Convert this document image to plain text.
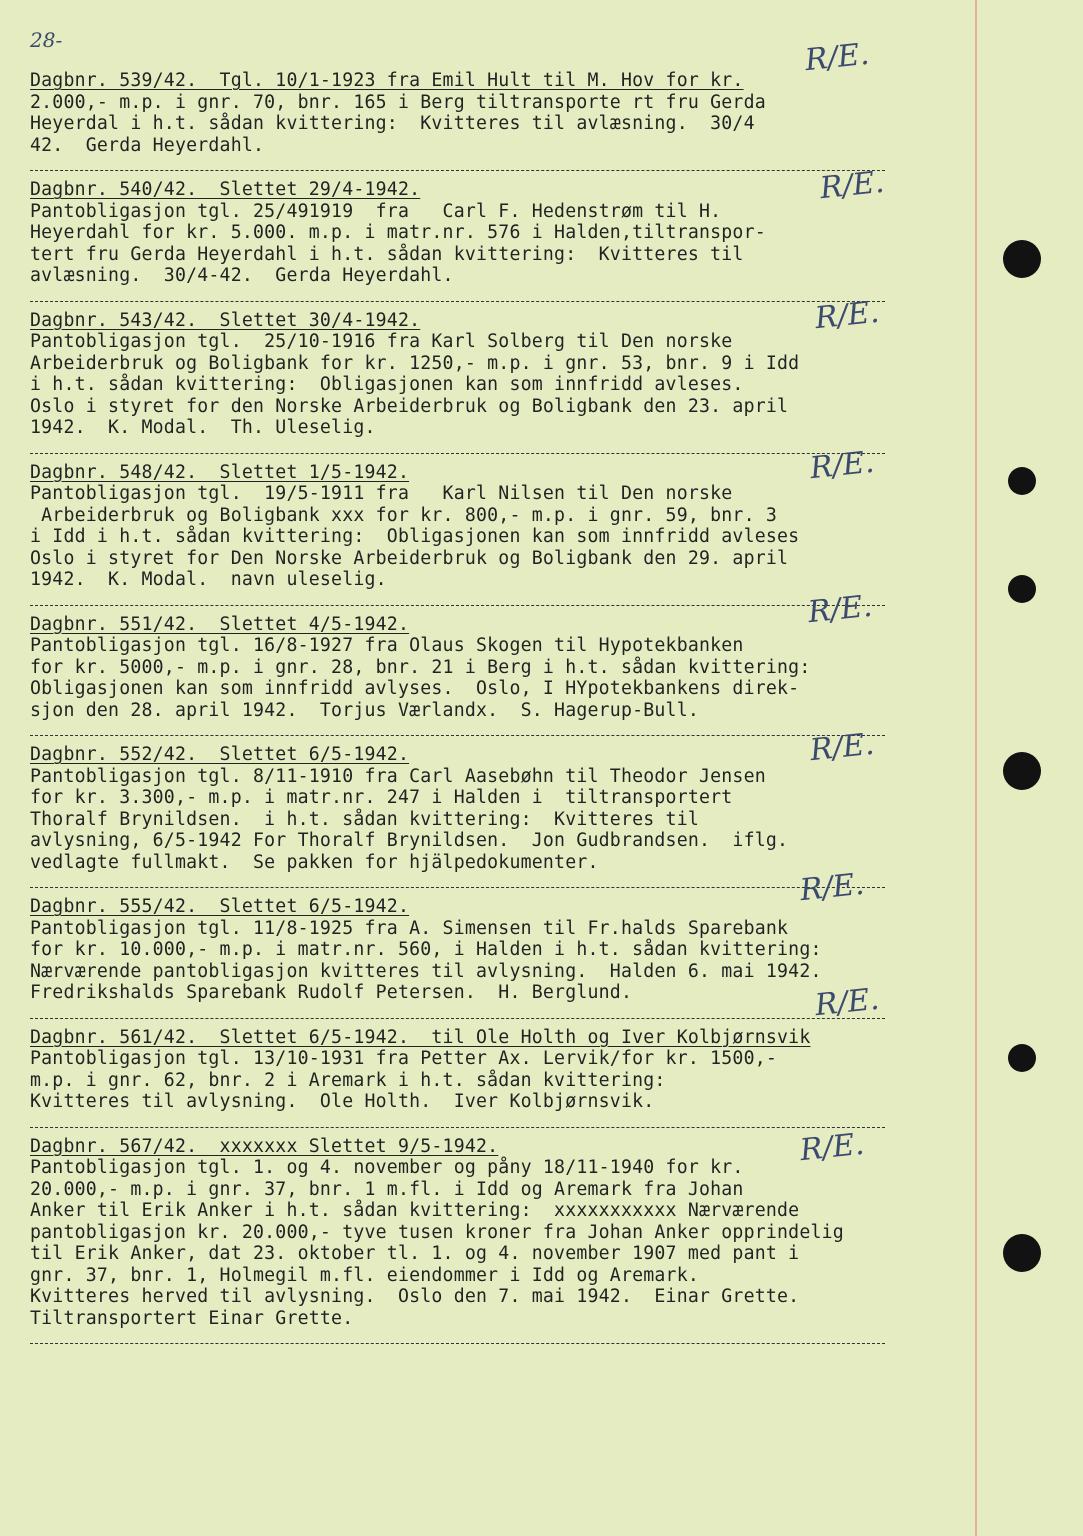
28-
Dagbnr. 539/42.  Tgl. 10/1-1923 fra Emil Hult til M. Hov for kr.
2.000,- m.p. i gnr. 70, bnr. 165 i Berg tiltransporte rt fru Gerda
Heyerdal i h.t. sådan kvittering:  Kvitteres til avlæsning.  30/4
42.  Gerda Heyerdahl.
Dagbnr. 540/42.  Slettet 29/4-1942.
Pantobligasjon tgl. 25/491919  fra   Carl F. Hedenstrøm til H.
Heyerdahl for kr. 5.000. m.p. i matr.nr. 576 i Halden,tiltranspor-
tert fru Gerda Heyerdahl i h.t. sådan kvittering:  Kvitteres til
avlæsning.  30/4-42.  Gerda Heyerdahl.
Dagbnr. 543/42.  Slettet 30/4-1942.
Pantobligasjon tgl.  25/10-1916 fra Karl Solberg til Den norske
Arbeiderbruk og Boligbank for kr. 1250,- m.p. i gnr. 53, bnr. 9 i Idd
i h.t. sådan kvittering:  Obligasjonen kan som innfridd avleses.
Oslo i styret for den Norske Arbeiderbruk og Boligbank den 23. april
1942.  K. Modal.  Th. Uleselig.
Dagbnr. 548/42.  Slettet 1/5-1942.
Pantobligasjon tgl.  19/5-1911 fra   Karl Nilsen til Den norske
Arbeiderbruk og Boligbank xxx for kr. 800,- m.p. i gnr. 59, bnr. 3
i Idd i h.t. sådan kvittering:  Obligasjonen kan som innfridd avleses
Oslo i styret for Den Norske Arbeiderbruk og Boligbank den 29. april
1942.  K. Modal.  navn uleselig.
Dagbnr. 551/42.  Slettet 4/5-1942.
Pantobligasjon tgl. 16/8-1927 fra Olaus Skogen til Hypotekbanken
for kr. 5000,- m.p. i gnr. 28, bnr. 21 i Berg i h.t. sådan kvittering:
Obligasjonen kan som innfridd avlyses.  Oslo, I HYpotekbankens direk-
sjon den 28. april 1942.  Torjus Værlandx.  S. Hagerup-Bull.
Dagbnr. 552/42.  Slettet 6/5-1942.
Pantobligasjon tgl. 8/11-1910 fra Carl Aasebøhn til Theodor Jensen
for kr. 3.300,- m.p. i matr.nr. 247 i Halden i  tiltransportert
Thoralf Brynildsen.  i h.t. sådan kvittering:  Kvitteres til
avlysning, 6/5-1942 For Thoralf Brynildsen.  Jon Gudbrandsen.  iflg.
vedlagte fullmakt.  Se pakken for hjälpedokumenter.
Dagbnr. 555/42.  Slettet 6/5-1942.
Pantobligasjon tgl. 11/8-1925 fra A. Simensen til Fr.halds Sparebank
for kr. 10.000,- m.p. i matr.nr. 560, i Halden i h.t. sådan kvittering:
Nærværende pantobligasjon kvitteres til avlysning.  Halden 6. mai 1942.
Fredrikshalds Sparebank Rudolf Petersen.  H. Berglund.
Dagbnr. 561/42.  Slettet 6/5-1942.  til Ole Holth og Iver Kolbjørnsvik
Pantobligasjon tgl. 13/10-1931 fra Petter Ax. Lervik/for kr. 1500,-
m.p. i gnr. 62, bnr. 2 i Aremark i h.t. sådan kvittering:
Kvitteres til avlysning.  Ole Holth.  Iver Kolbjørnsvik.
Dagbnr. 567/42.  xxxxxxx Slettet 9/5-1942.
Pantobligasjon tgl. 1. og 4. november og påny 18/11-1940 for kr.
20.000,- m.p. i gnr. 37, bnr. 1 m.fl. i Idd og Aremark fra Johan
Anker til Erik Anker i h.t. sådan kvittering:  xxxxxxxxxxx Nærværende
pantobligasjon kr. 20.000,- tyve tusen kroner fra Johan Anker opprindelig
til Erik Anker, dat 23. oktober tl. 1. og 4. november 1907 med pant i
gnr. 37, bnr. 1, Holmegil m.fl. eiendommer i Idd og Aremark.
Kvitteres herved til avlysning.  Oslo den 7. mai 1942.  Einar Grette.
Tiltransportert Einar Grette.
R/E.
R/E.
R/E.
R/E.
R/E.
R/E.
R/E.
R/E.
R/E.
